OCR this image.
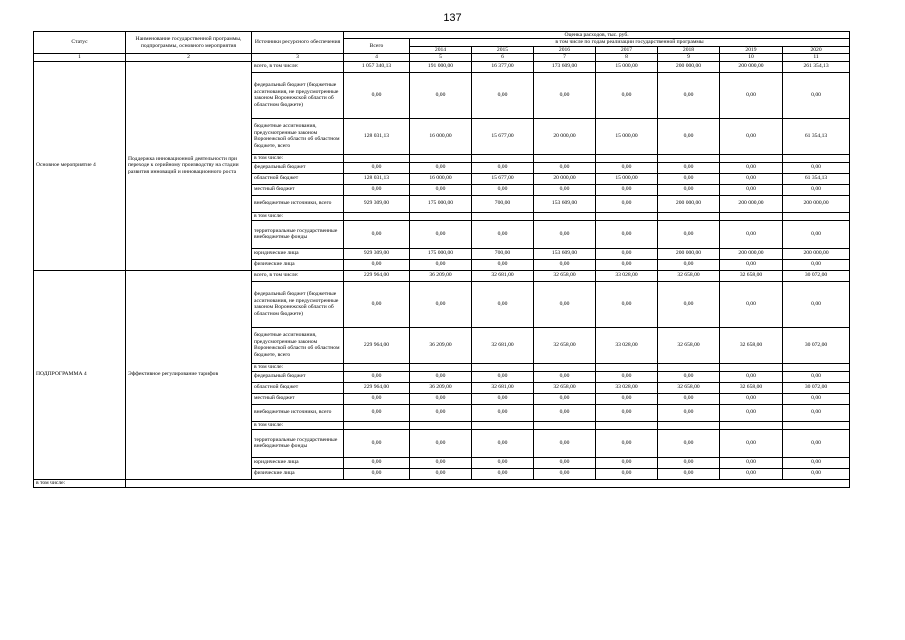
137
Статус	Наименование государственной программы, подпрограммы, основного мероприятия	Источники ресурсного обеспечения	Оценка расходов, тыс. руб.							
			Всего	в том числе по годам реализации государственной программы						
				2014	2015	2016	2017	2018	2019	2020
1	2	3	4	5	6	7	8	9	10	11
Основное мероприятие 4	Поддержка инновационной деятельности при переходе к серийному производству на стадии развития инноваций и инновационного роста	всего, в том числе:	1 057 340,13	191 000,00	16 377,00	173 609,00	15 000,00	200 000,00	200 000,00	261 354,13
		федеральный бюджет (бюджетные ассигнования, не предусмотренные законом Воронежской области об областном бюджете)	0,00	0,00	0,00	0,00	0,00	0,00	0,00	0,00
		бюджетные ассигнования, предусмотренные законом Воронежской области об областном бюджете, всего	128 031,13	16 000,00	15 677,00	20 000,00	15 000,00	0,00	0,00	61 354,13
		в том числе:								
		федеральный бюджет	0,00	0,00	0,00	0,00	0,00	0,00	0,00	0,00
		областной бюджет	128 031,13	16 000,00	15 677,00	20 000,00	15 000,00	0,00	0,00	61 354,13
		местный бюджет	0,00	0,00	0,00	0,00	0,00	0,00	0,00	0,00
		внебюджетные источники, всего	929 309,00	175 000,00	700,00	153 609,00	0,00	200 000,00	200 000,00	200 000,00
		в том числе:								
		территориальные государственные внебюджетные фонды	0,00	0,00	0,00	0,00	0,00	0,00	0,00	0,00
		юридические лица	929 309,00	175 000,00	700,00	153 609,00	0,00	200 000,00	200 000,00	200 000,00
		физические лица	0,00	0,00	0,00	0,00	0,00	0,00	0,00	0,00
ПОДПРОГРАММА 4	Эффективное регулирование тарифов	всего, в том числе:	229 964,00	36 209,00	32 681,00	32 658,00	33 028,00	32 658,00	32 658,00	30 072,00
		федеральный бюджет (бюджетные ассигнования, не предусмотренные законом Воронежской области об областном бюджете)	0,00	0,00	0,00	0,00	0,00	0,00	0,00	0,00
		бюджетные ассигнования, предусмотренные законом Воронежской области об областном бюджете, всего	229 964,00	36 209,00	32 681,00	32 658,00	33 028,00	32 658,00	32 658,00	30 072,00
		в том числе:								
		федеральный бюджет	0,00	0,00	0,00	0,00	0,00	0,00	0,00	0,00
		областной бюджет	229 964,00	36 209,00	32 681,00	32 658,00	33 028,00	32 658,00	32 658,00	30 072,00
		местный бюджет	0,00	0,00	0,00	0,00	0,00	0,00	0,00	0,00
		внебюджетные источники, всего	0,00	0,00	0,00	0,00	0,00	0,00	0,00	0,00
		в том числе:								
		территориальные государственные внебюджетные фонды	0,00	0,00	0,00	0,00	0,00	0,00	0,00	0,00
		юридические лица	0,00	0,00	0,00	0,00	0,00	0,00	0,00	0,00
		физические лица	0,00	0,00	0,00	0,00	0,00	0,00	0,00	0,00
в том числе:										
